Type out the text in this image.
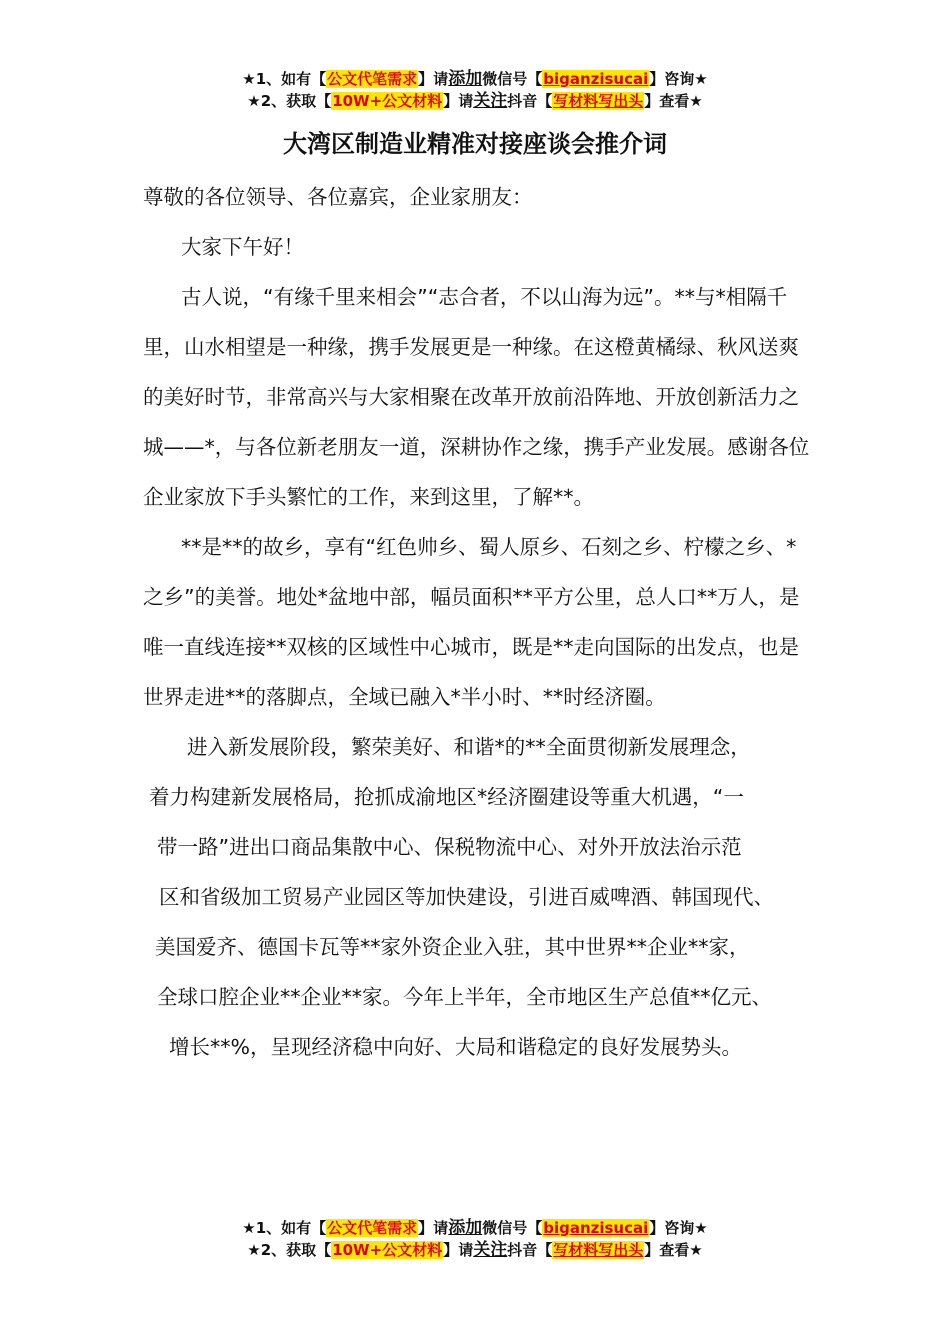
★1、如有【公文代笔需求】请添加微信号【biganzisucai】咨询★
★2、获取【10W+公文材料】请关注抖音【写材料写出头】查看★
大湾区制造业精准对接座谈会推介词

尊敬的各位领导、各位嘉宾，企业家朋友：

大家下午好！

古人说，“有缘千里来相会”“志合者，不以山海为远”。**与*相隔千里，山水相望是一种缘，携手发展更是一种缘。在这橙黄橘绿、秋风送爽的美好时节，非常高兴与大家相聚在改革开放前沿阵地、开放创新活力之城——*，与各位新老朋友一道，深耕协作之缘，携手产业发展。感谢各位企业家放下手头繁忙的工作，来到这里，了解**。

**是**的故乡，享有“红色帅乡、蜀人原乡、石刻之乡、柠檬之乡、*之乡”的美誉。地处*盆地中部，幅员面积**平方公里，总人口**万人，是唯一直线连接**双核的区域性中心城市，既是**走向国际的出发点，也是世界走进**的落脚点，全域已融入*半小时、**时经济圈。

进入新发展阶段，繁荣美好、和谐*的**全面贯彻新发展理念，
着力构建新发展格局，抢抓成渝地区*经济圈建设等重大机遇，“一
带一路”进出口商品集散中心、保税物流中心、对外开放法治示范
区和省级加工贸易产业园区等加快建设，引进百威啤酒、韩国现代、
美国爱齐、德国卡瓦等**家外资企业入驻，其中世界**企业**家，
全球口腔企业**企业**家。今年上半年，全市地区生产总值**亿元、
增长**%，呈现经济稳中向好、大局和谐稳定的良好发展势头。

★1、如有【公文代笔需求】请添加微信号【biganzisucai】咨询★
★2、获取【10W+公文材料】请关注抖音【写材料写出头】查看★
